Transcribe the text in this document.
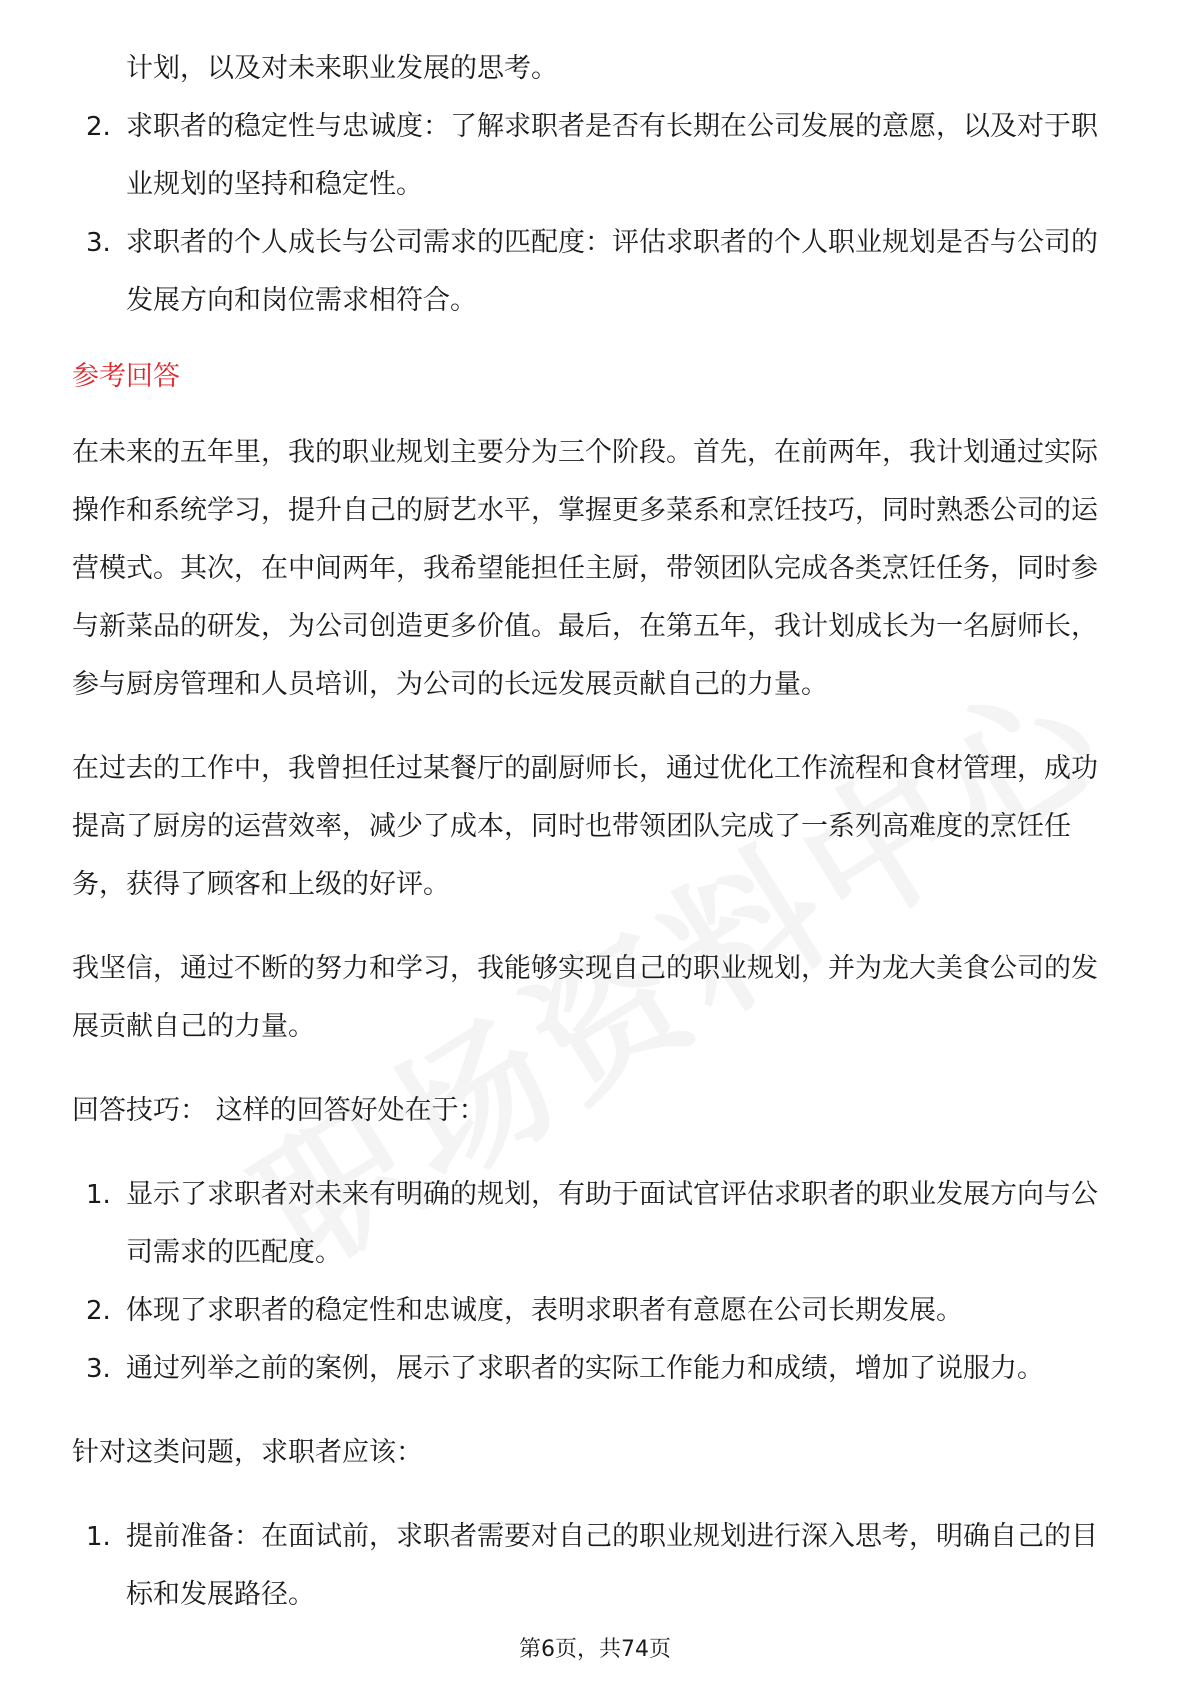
计划，以及对未来职业发展的思考。
2. 求职者的稳定性与忠诚度：了解求职者是否有长期在公司发展的意愿，以及对于职业规划的坚持和稳定性。
3. 求职者的个人成长与公司需求的匹配度：评估求职者的个人职业规划是否与公司的发展方向和岗位需求相符合。

参考回答

在未来的五年里，我的职业规划主要分为三个阶段。首先，在前两年，我计划通过实际操作和系统学习，提升自己的厨艺水平，掌握更多菜系和烹饪技巧，同时熟悉公司的运营模式。其次，在中间两年，我希望能担任主厨，带领团队完成各类烹饪任务，同时参与新菜品的研发，为公司创造更多价值。最后，在第五年，我计划成长为一名厨师长，参与厨房管理和人员培训，为公司的长远发展贡献自己的力量。

在过去的工作中，我曾担任过某餐厅的副厨师长，通过优化工作流程和食材管理，成功提高了厨房的运营效率，减少了成本，同时也带领团队完成了一系列高难度的烹饪任务，获得了顾客和上级的好评。

我坚信，通过不断的努力和学习，我能够实现自己的职业规划，并为龙大美食公司的发展贡献自己的力量。

回答技巧： 这样的回答好处在于：

1. 显示了求职者对未来有明确的规划，有助于面试官评估求职者的职业发展方向与公司需求的匹配度。
2. 体现了求职者的稳定性和忠诚度，表明求职者有意愿在公司长期发展。
3. 通过列举之前的案例，展示了求职者的实际工作能力和成绩，增加了说服力。

针对这类问题，求职者应该：

1. 提前准备：在面试前，求职者需要对自己的职业规划进行深入思考，明确自己的目标和发展路径。
第6页，共74页
